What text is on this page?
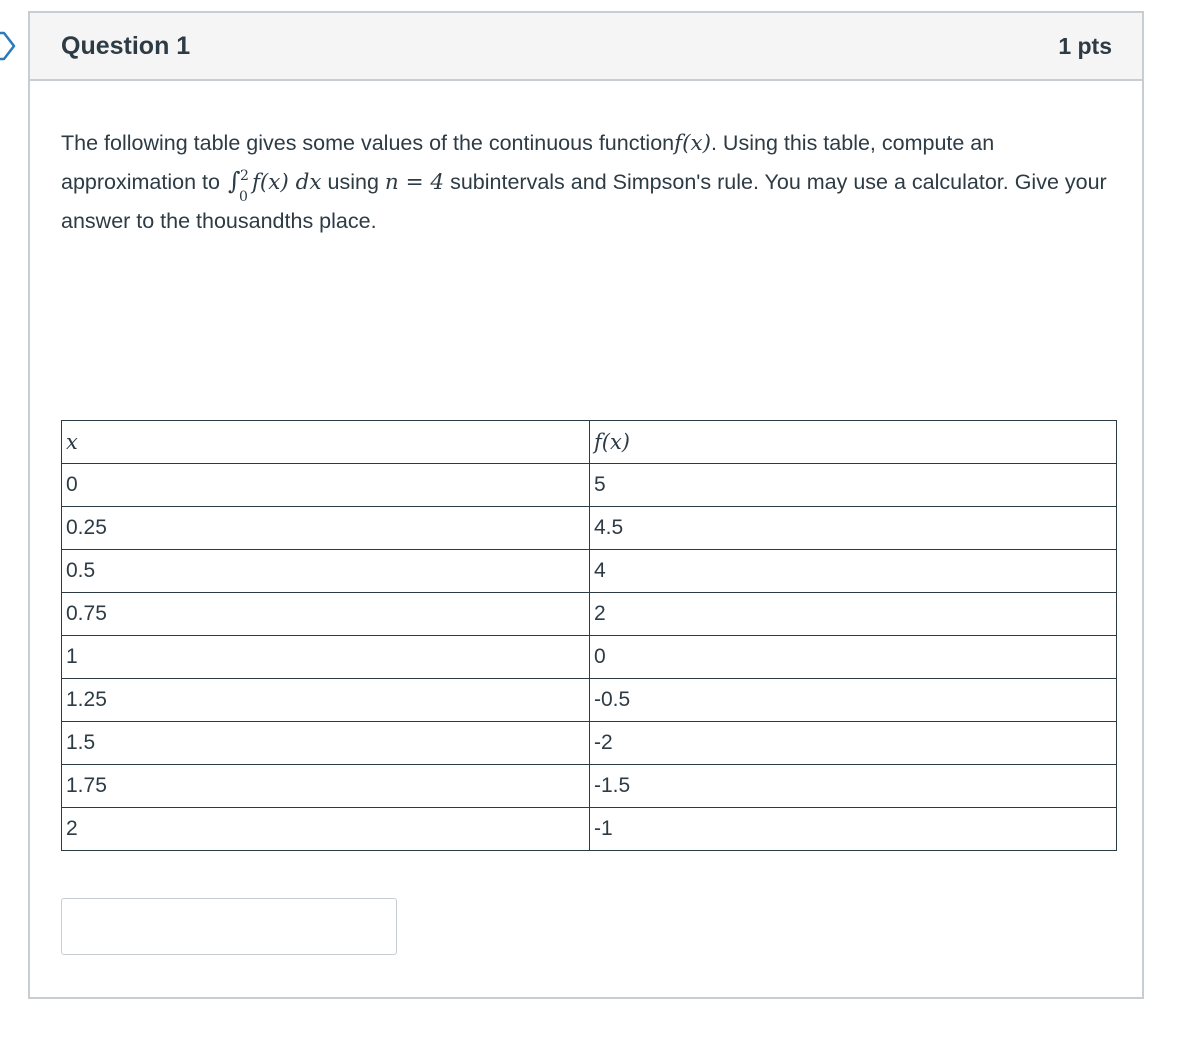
Question 1	1 pts
The following table gives some values of the continuous functionf(x). Using this table, compute an approximation to ∫ 2
0
f(x) dx using n = 4 subintervals and Simpson's rule. You may use a calculator. Give your answer to the thousandths place.
x	f(x)
0	5
0.25	4.5
0.5	4
0.75	2
1	0
1.25	-0.5
1.5	-2
1.75	-1.5
2	-1
